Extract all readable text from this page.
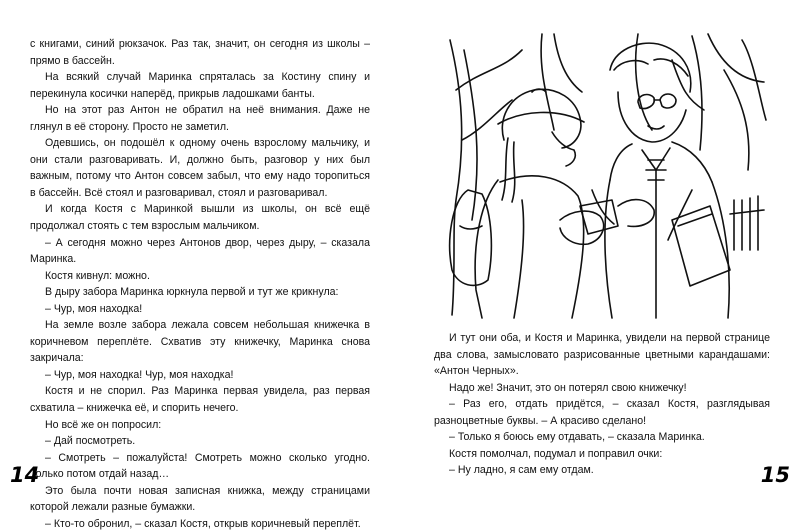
с книгами, синий рюкзачок. Раз так, значит, он сегодня из школы – прямо в бассейн.

На всякий случай Маринка спряталась за Костину спину и перекинула косички наперёд, прикрыв ладошками банты.

Но на этот раз Антон не обратил на неё внимания. Даже не глянул в её сторону. Просто не заметил.

Одевшись, он подошёл к одному очень взрослому мальчику, и они стали разговаривать. И, должно быть, разговор у них был важным, потому что Антон совсем забыл, что ему надо торопиться в бассейн. Всё стоял и разговаривал, стоял и разговаривал.

И когда Костя с Маринкой вышли из школы, он всё ещё продолжал стоять с тем взрослым мальчиком.

– А сегодня можно через Антонов двор, через дыру, – сказала Маринка.

Костя кивнул: можно.

В дыру забора Маринка юркнула первой и тут же крикнула:

– Чур, моя находка!

На земле возле забора лежала совсем небольшая книжечка в коричневом переплёте. Схватив эту книжечку, Маринка снова закричала:

– Чур, моя находка! Чур, моя находка!

Костя и не спорил. Раз Маринка первая увидела, раз первая схватила – книжечка её, и спорить нечего.

Но всё же он попросил:

– Дай посмотреть.

– Смотреть – пожалуйста! Смотреть можно сколько угодно. Только потом отдай назад…

Это была почти новая записная книжка, между страницами которой лежали разные бумажки.

– Кто-то обронил, – сказал Костя, открыв коричневый переплёт.

14

И тут они оба, и Костя и Маринка, увидели на первой странице два слова, замысловато разрисованные цветными карандашами: «Антон Черных».

Надо же! Значит, это он потерял свою книжечку!

– Раз его, отдать придётся, – сказал Костя, разглядывая разноцветные буквы. – А красиво сделано!

– Только я боюсь ему отдавать, – сказала Маринка.

Костя помолчал, подумал и поправил очки:

– Ну ладно, я сам ему отдам.	15
